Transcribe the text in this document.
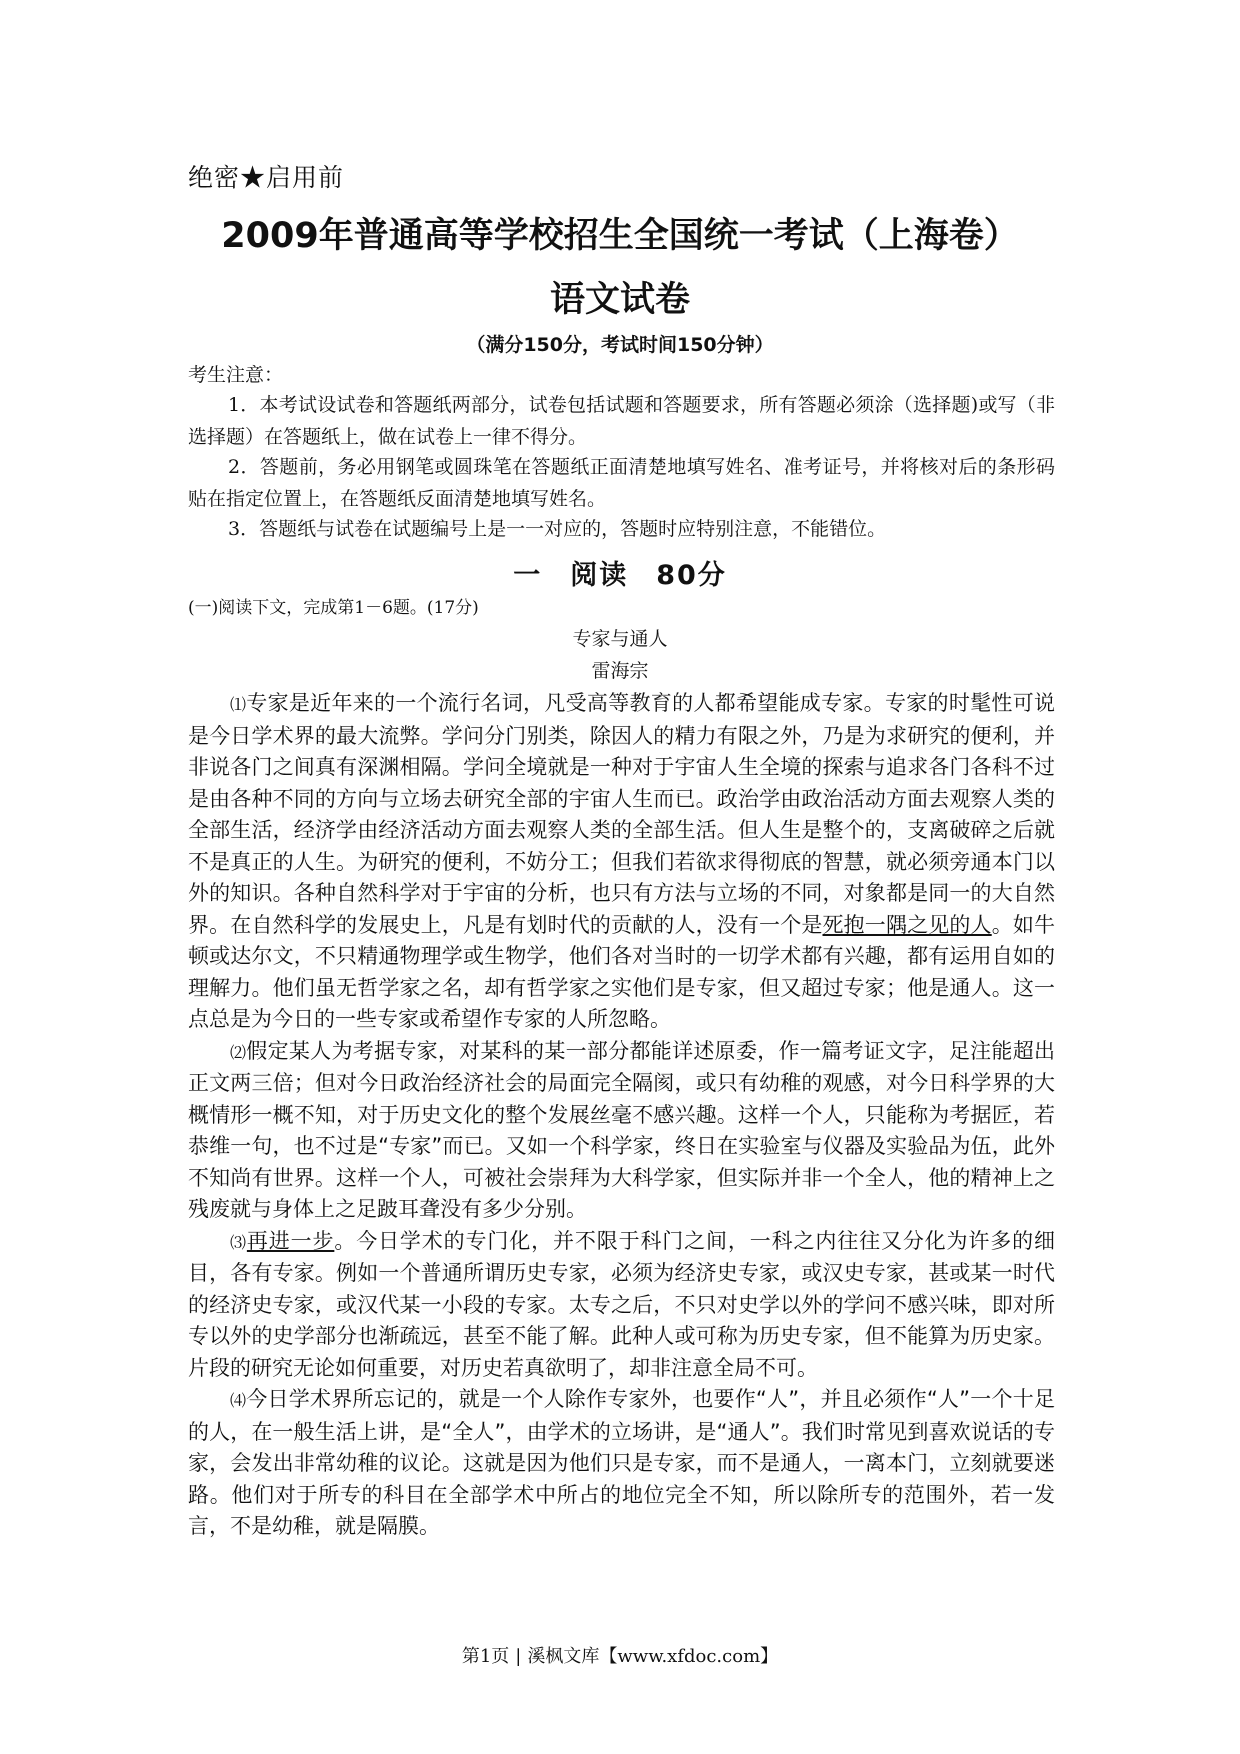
绝密★启用前
2009年普通高等学校招生全国统一考试（上海卷）
语文试卷
（满分150分，考试时间150分钟）
考生注意：

1．本考试设试卷和答题纸两部分，试卷包括试题和答题要求，所有答题必须涂（选择题)或写（非选择题）在答题纸上，做在试卷上一律不得分。

2．答题前，务必用钢笔或圆珠笔在答题纸正面清楚地填写姓名、准考证号，并将核对后的条形码贴在指定位置上，在答题纸反面清楚地填写姓名。

3．答题纸与试卷在试题编号上是一一对应的，答题时应特别注意，不能错位。

一 阅读 80分
(一)阅读下文，完成第1－6题。(17分)
专家与通人
雷海宗

⑴专家是近年来的一个流行名词，凡受高等教育的人都希望能成专家。专家的时髦性可说是今日学术界的最大流弊。学问分门别类，除因人的精力有限之外，乃是为求研究的便利，并非说各门之间真有深渊相隔。学问全境就是一种对于宇宙人生全境的探索与追求各门各科不过是由各种不同的方向与立场去研究全部的宇宙人生而已。政治学由政治活动方面去观察人类的全部生活，经济学由经济活动方面去观察人类的全部生活。但人生是整个的，支离破碎之后就不是真正的人生。为研究的便利，不妨分工；但我们若欲求得彻底的智慧，就必须旁通本门以外的知识。各种自然科学对于宇宙的分析，也只有方法与立场的不同，对象都是同一的大自然界。在自然科学的发展史上，凡是有划时代的贡献的人，没有一个是死抱一隅之见的人。如牛顿或达尔文，不只精通物理学或生物学，他们各对当时的一切学术都有兴趣，都有运用自如的理解力。他们虽无哲学家之名，却有哲学家之实他们是专家，但又超过专家；他是通人。这一点总是为今日的一些专家或希望作专家的人所忽略。

⑵假定某人为考据专家，对某科的某一部分都能详述原委，作一篇考证文字，足注能超出正文两三倍；但对今日政治经济社会的局面完全隔阂，或只有幼稚的观感，对今日科学界的大概情形一概不知，对于历史文化的整个发展丝毫不感兴趣。这样一个人，只能称为考据匠，若恭维一句，也不过是“专家”而已。又如一个科学家，终日在实验室与仪器及实验品为伍，此外不知尚有世界。这样一个人，可被社会崇拜为大科学家，但实际并非一个全人，他的精神上之残废就与身体上之足跛耳聋没有多少分别。

⑶再进一步。今日学术的专门化，并不限于科门之间，一科之内往往又分化为许多的细目，各有专家。例如一个普通所谓历史专家，必须为经济史专家，或汉史专家，甚或某一时代的经济史专家，或汉代某一小段的专家。太专之后，不只对史学以外的学问不感兴味，即对所专以外的史学部分也渐疏远，甚至不能了解。此种人或可称为历史专家，但不能算为历史家。片段的研究无论如何重要，对历史若真欲明了，却非注意全局不可。

⑷今日学术界所忘记的，就是一个人除作专家外，也要作“人”，并且必须作“人”一个十足的人，在一般生活上讲，是“全人”，由学术的立场讲，是“通人”。我们时常见到喜欢说话的专家，会发出非常幼稚的议论。这就是因为他们只是专家，而不是通人，一离本门，立刻就要迷路。他们对于所专的科目在全部学术中所占的地位完全不知，所以除所专的范围外，若一发言，不是幼稚，就是隔膜。

第1页 | 溪枫文库【www.xfdoc.com】
